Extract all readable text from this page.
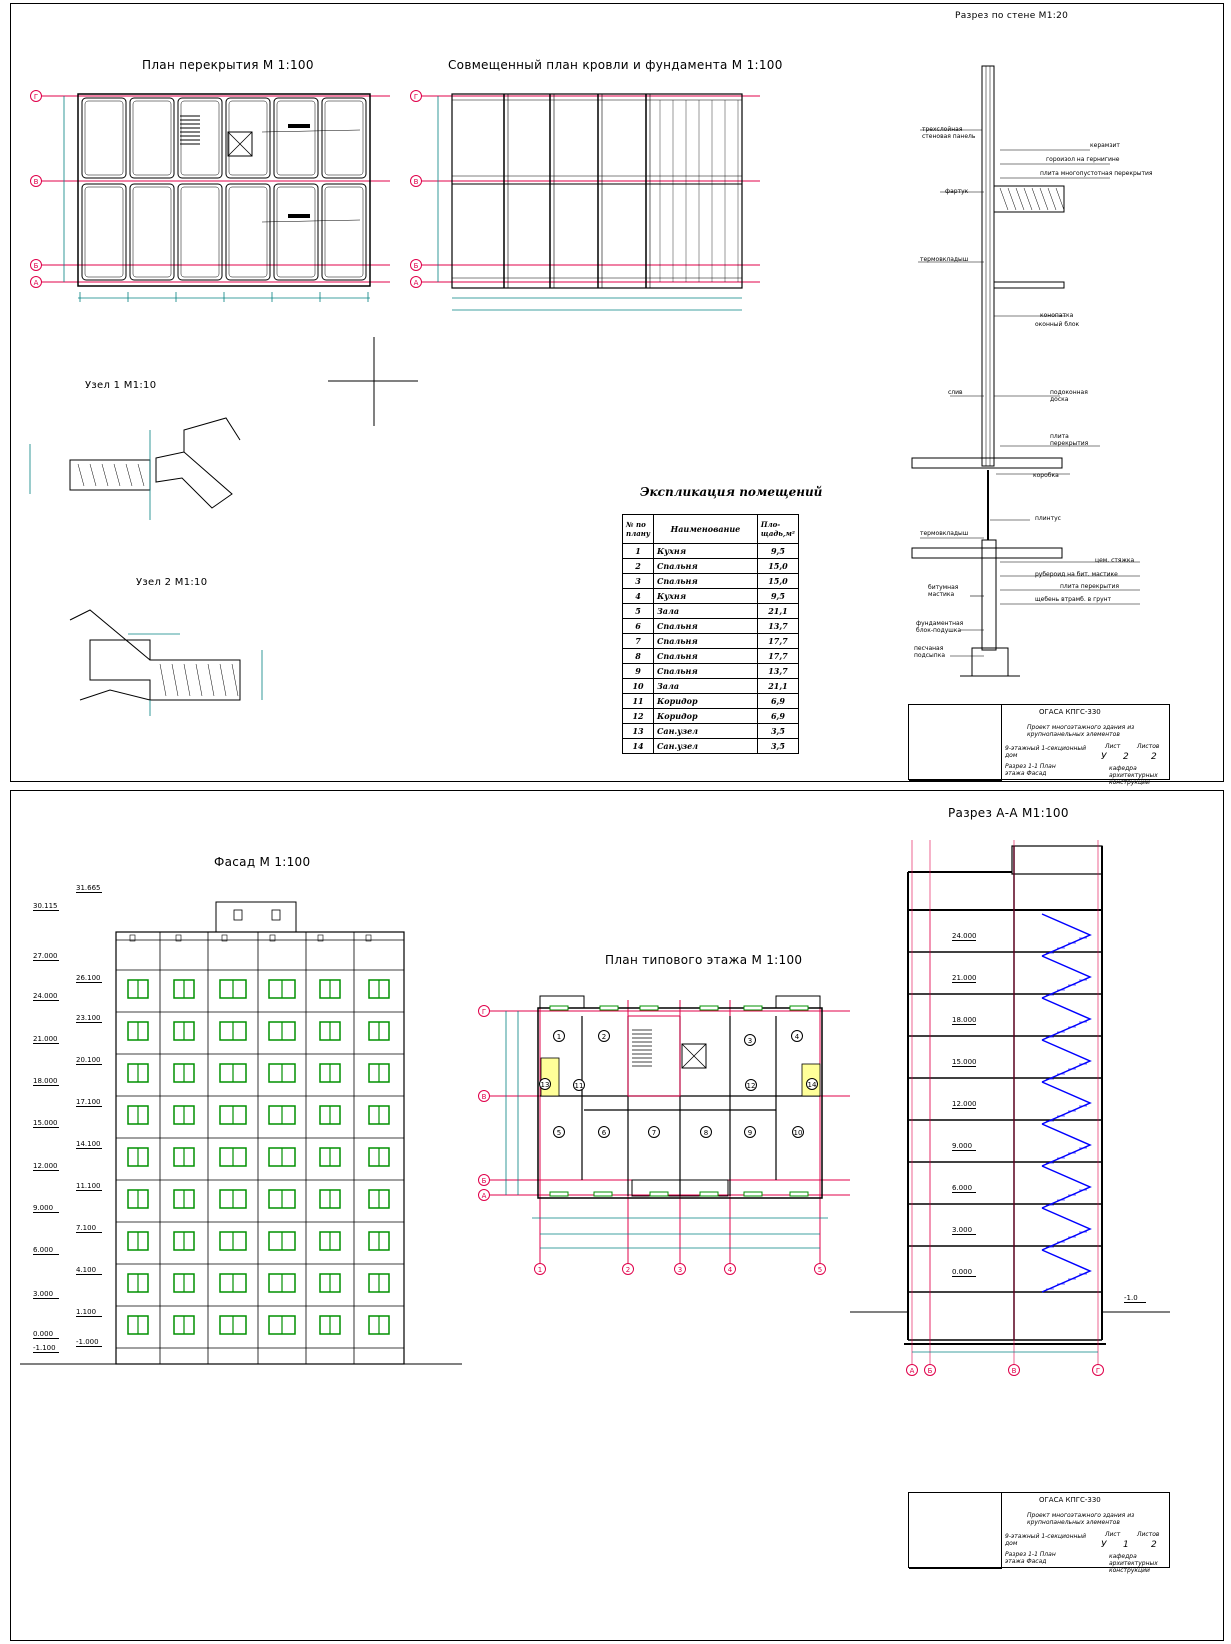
План перекрытия М 1:100	Совмещенный план кровли и фундамента М 1:100
Разрез по стене М1:20
Узел 1 М1:10
Узел 2 М1:10
Г
В
Б
А
Г
В
Б
А
трехслойная стеновая панель
керамзит
гороизол на гернигине
плита многопустотная перекрытия
фартук
термовкладыш
конопатка
оконный блок
слив	подоконная доска
плита перекрытия
коробка
плинтус
термовкладыш
цем. стяжка
рубероид на бит. мастике
плита перекрытия
щебень втрамб. в грунт
битумная мастика
фундаментная блок-подушка
песчаная подсыпка
Экспликация помещений
№ по плану	Наименование	Пло-щадь,м²
1	Кухня	9,5
2	Спальня	15,0
3	Спальня	15,0
4	Кухня	9,5
5	Зала	21,1
6	Спальня	13,7
7	Спальня	17,7
8	Спальня	17,7
9	Спальня	13,7
10	Зала	21,1
11	Коридор	6,9
12	Коридор	6,9
13	Сан.узел	3,5
14	Сан.узел	3,5
ОГАСА КПГС-330
Проект многоэтажного здания из крупнопанельных элементов
9-этажный 1-секционный дом
Лист	Листов
У 2 2
Разрез 1-1 План этажа Фасад
кафедра архитектурных конструкций
Фасад М 1:100
План типового этажа М 1:100
Разрез А-А М1:100
30.115
27.000
24.000
21.000
18.000
15.000
12.000
9.000
6.000
3.000
0.000
-1.100
31.665
26.100
23.100
20.100
17.100
14.100
11.100
7.100
4.100
1.100
-1.000
24.000
21.000
18.000
15.000
12.000
9.000
6.000
3.000
0.000
-1.0
1	2	3	4	5
Г
В
Б
А
А	Б	В	Г
1	2	3	4
5	6	7	8	9	10
11	12
13	14
ОГАСА КПГС-330
Проект многоэтажного здания из крупнопанельных элементов
9-этажный 1-секционный дом
Лист	Листов
У 1 2
Разрез 1-1 План этажа Фасад
кафедра архитектурных конструкций
